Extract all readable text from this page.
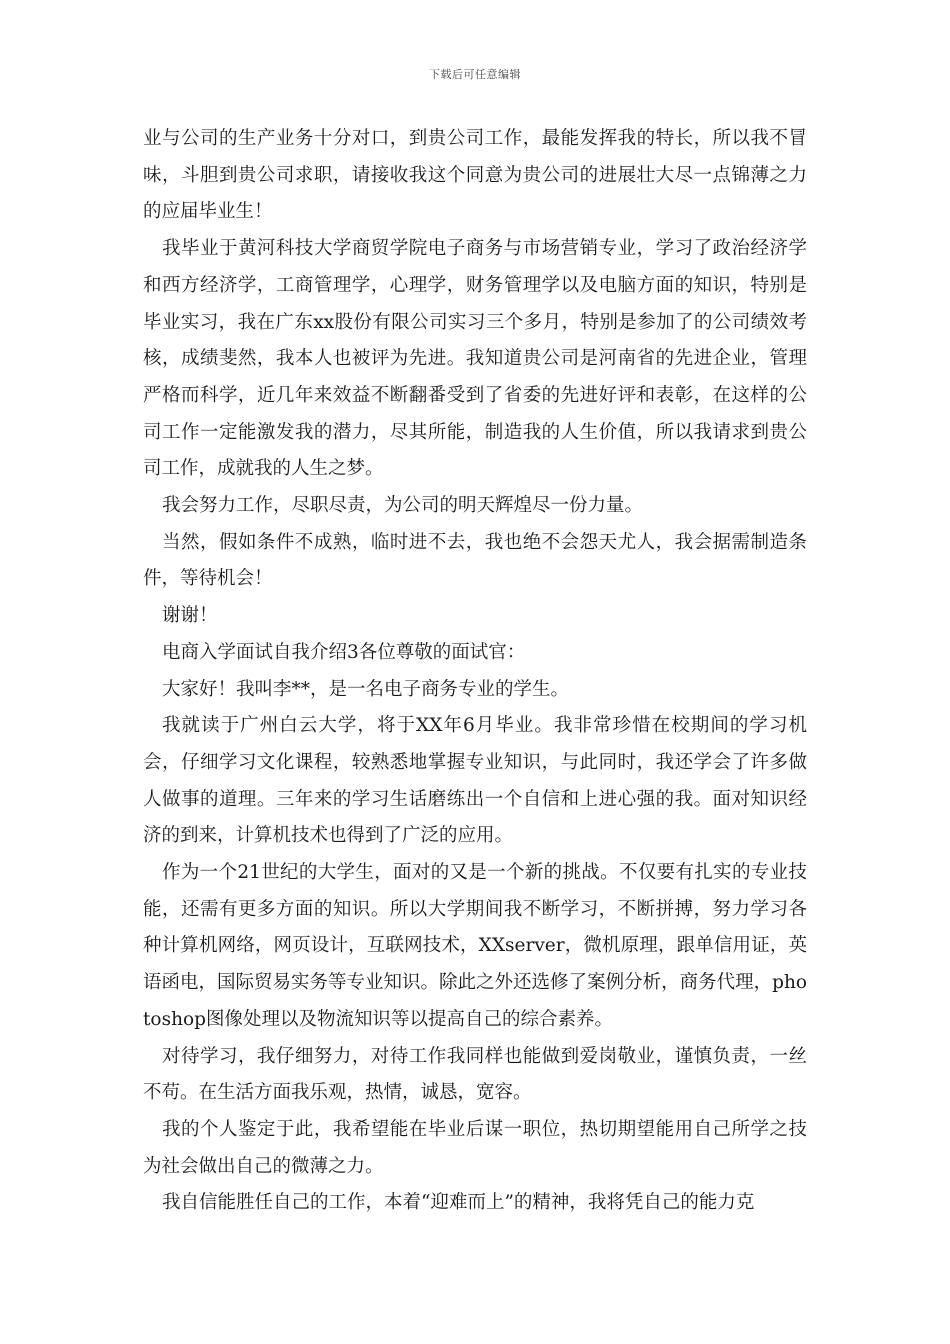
下载后可任意编辑

业与公司的生产业务十分对口，到贵公司工作，最能发挥我的特长，所以我不冒味，斗胆到贵公司求职，请接收我这个同意为贵公司的进展壮大尽一点锦薄之力的应届毕业生！

我毕业于黄河科技大学商贸学院电子商务与市场营销专业，学习了政治经济学和西方经济学，工商管理学，心理学，财务管理学以及电脑方面的知识，特别是毕业实习，我在广东xx股份有限公司实习三个多月，特别是参加了的公司绩效考核，成绩斐然，我本人也被评为先进。我知道贵公司是河南省的先进企业，管理严格而科学，近几年来效益不断翻番受到了省委的先进好评和表彰，在这样的公司工作一定能激发我的潜力，尽其所能，制造我的人生价值，所以我请求到贵公司工作，成就我的人生之梦。

我会努力工作，尽职尽责，为公司的明天辉煌尽一份力量。

当然，假如条件不成熟，临时进不去，我也绝不会怨天尤人，我会据需制造条件，等待机会！

谢谢！

电商入学面试自我介绍3各位尊敬的面试官：

大家好！我叫李**，是一名电子商务专业的学生。

我就读于广州白云大学，将于XX年6月毕业。我非常珍惜在校期间的学习机会，仔细学习文化课程，较熟悉地掌握专业知识，与此同时，我还学会了许多做人做事的道理。三年来的学习生话磨练出一个自信和上进心强的我。面对知识经济的到来，计算机技术也得到了广泛的应用。

作为一个21世纪的大学生，面对的又是一个新的挑战。不仅要有扎实的专业技能，还需有更多方面的知识。所以大学期间我不断学习，不断拼搏，努力学习各种计算机网络，网页设计，互联网技术，XXserver，微机原理，跟单信用证，英语函电，国际贸易实务等专业知识。除此之外还选修了案例分析，商务代理，photoshop图像处理以及物流知识等以提高自己的综合素养。

对待学习，我仔细努力，对待工作我同样也能做到爱岗敬业，谨慎负责，一丝不苟。在生活方面我乐观，热情，诚恳，宽容。

我的个人鉴定于此，我希望能在毕业后谋一职位，热切期望能用自己所学之技为社会做出自己的微薄之力。

我自信能胜任自己的工作，本着“迎难而上”的精神，我将凭自己的能力克
